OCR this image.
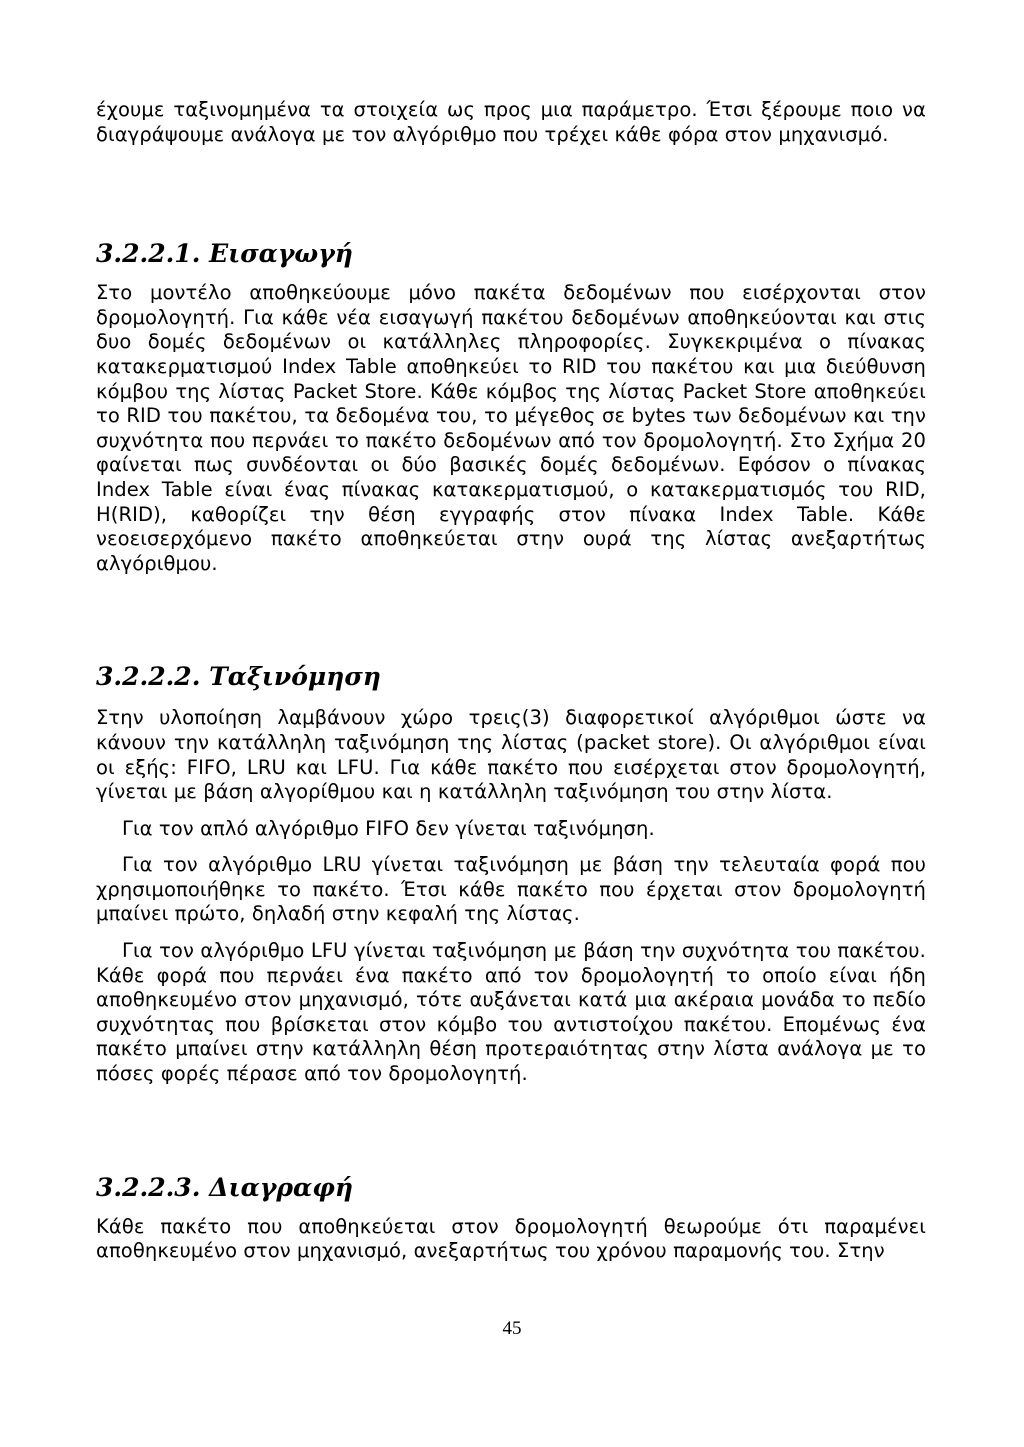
έχουμε ταξινομημένα τα στοιχεία ως προς μια παράμετρο. Έτσι ξέρουμε ποιο να διαγράψουμε ανάλογα με τον αλγόριθμο που τρέχει κάθε φόρα στον μηχανισμό.

3.2.2.1. Εισαγωγή

Στο μοντέλο αποθηκεύουμε μόνο πακέτα δεδομένων που εισέρχονται στον δρομολογητή. Για κάθε νέα εισαγωγή πακέτου δεδομένων αποθηκεύονται και στις δυο δομές δεδομένων οι κατάλληλες πληροφορίες. Συγκεκριμένα ο πίνακας κατακερματισμού Index Table αποθηκεύει το RID του πακέτου και μια διεύθυνση κόμβου της λίστας Packet Store. Κάθε κόμβος της λίστας Packet Store αποθηκεύει το RID του πακέτου, τα δεδομένα του, το μέγεθος σε bytes των δεδομένων και την συχνότητα που περνάει το πακέτο δεδομένων από τον δρομολογητή. Στο Σχήμα 20 φαίνεται πως συνδέονται οι δύο βασικές δομές δεδομένων. Εφόσον ο πίνακας Index Table είναι ένας πίνακας κατακερματισμού, ο κατακερματισμός του RID, H(RID), καθορίζει την θέση εγγραφής στον πίνακα Index Table. Κάθε νεοεισερχόμενο πακέτο αποθηκεύεται στην ουρά της λίστας ανεξαρτήτως αλγόριθμου.

3.2.2.2. Ταξινόμηση

Στην υλοποίηση λαμβάνουν χώρο τρεις(3) διαφορετικοί αλγόριθμοι ώστε να κάνουν την κατάλληλη ταξινόμηση της λίστας (packet store). Οι αλγόριθμοι είναι οι εξής: FIFO, LRU και LFU. Για κάθε πακέτο που εισέρχεται στον δρομολογητή, γίνεται με βάση αλγορίθμου και η κατάλληλη ταξινόμηση του στην λίστα.

Για τον απλό αλγόριθμο FIFO δεν γίνεται ταξινόμηση.

Για τον αλγόριθμο LRU γίνεται ταξινόμηση με βάση την τελευταία φορά που χρησιμοποιήθηκε το πακέτο. Έτσι κάθε πακέτο που έρχεται στον δρομολογητή μπαίνει πρώτο, δηλαδή στην κεφαλή της λίστας.

Για τον αλγόριθμο LFU γίνεται ταξινόμηση με βάση την συχνότητα του πακέτου. Κάθε φορά που περνάει ένα πακέτο από τον δρομολογητή το οποίο είναι ήδη αποθηκευμένο στον μηχανισμό, τότε αυξάνεται κατά μια ακέραια μονάδα το πεδίο συχνότητας που βρίσκεται στον κόμβο του αντιστοίχου πακέτου. Επομένως ένα πακέτο μπαίνει στην κατάλληλη θέση προτεραιότητας στην λίστα ανάλογα με το πόσες φορές πέρασε από τον δρομολογητή.

3.2.2.3. Διαγραφή

Κάθε πακέτο που αποθηκεύεται στον δρομολογητή θεωρούμε ότι παραμένει αποθηκευμένο στον μηχανισμό, ανεξαρτήτως του χρόνου παραμονής του. Στην

45
